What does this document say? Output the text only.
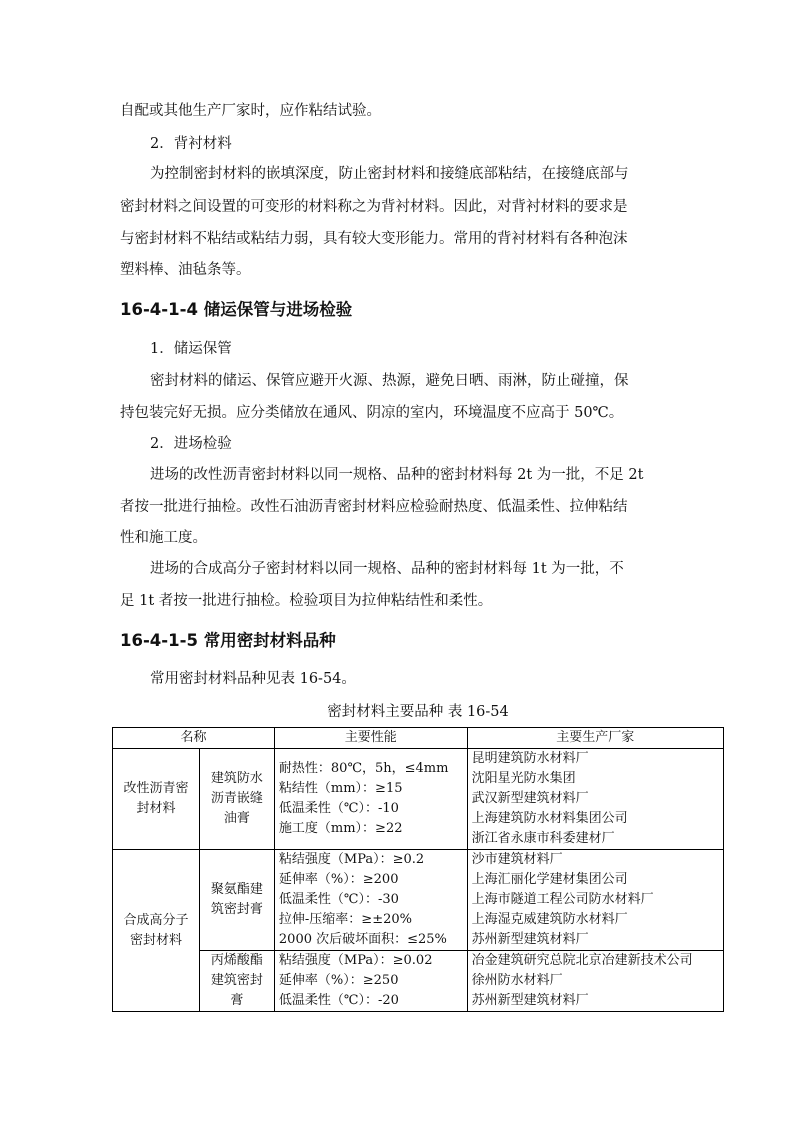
自配或其他生产厂家时，应作粘结试验。
2．背衬材料
为控制密封材料的嵌填深度，防止密封材料和接缝底部粘结，在接缝底部与
密封材料之间设置的可变形的材料称之为背衬材料。因此，对背衬材料的要求是
与密封材料不粘结或粘结力弱，具有较大变形能力。常用的背衬材料有各种泡沫
塑料棒、油毡条等。
16-4-1-4 储运保管与进场检验
1．储运保管
密封材料的储运、保管应避开火源、热源，避免日晒、雨淋，防止碰撞，保
持包装完好无损。应分类储放在通风、阴凉的室内，环境温度不应高于 50℃。
2．进场检验
进场的改性沥青密封材料以同一规格、品种的密封材料每 2t 为一批，不足 2t
者按一批进行抽检。改性石油沥青密封材料应检验耐热度、低温柔性、拉伸粘结
性和施工度。
进场的合成高分子密封材料以同一规格、品种的密封材料每 1t 为一批，不
足 1t 者按一批进行抽检。检验项目为拉伸粘结性和柔性。
16-4-1-5 常用密封材料品种
常用密封材料品种见表 16-54。
密封材料主要品种 表 16-54
名称		主要性能	主要生产厂家

改性沥青密封材料	建筑防水沥青嵌缝油膏	耐热性：80℃，5h，≤4mm
粘结性（mm）：≥15
低温柔性（℃）：-10
施工度（mm）：≥22	昆明建筑防水材料厂
沈阳星光防水集团
武汉新型建筑材料厂
上海建筑防水材料集团公司
浙江省永康市科委建材厂

合成高分子密封材料	聚氨酯建筑密封膏	粘结强度（MPa）：≥0.2
延伸率（%）：≥200
低温柔性（℃）：-30
拉伸-压缩率：≥±20%
2000 次后破坏面积：≤25%	沙市建筑材料厂
上海汇丽化学建材集团公司
上海市隧道工程公司防水材料厂
上海湿克威建筑防水材料厂
苏州新型建筑材料厂

	丙烯酸酯建筑密封膏	粘结强度（MPa）：≥0.02
延伸率（%）：≥250
低温柔性（℃）：-20	冶金建筑研究总院北京冶建新技术公司
徐州防水材料厂
苏州新型建筑材料厂
